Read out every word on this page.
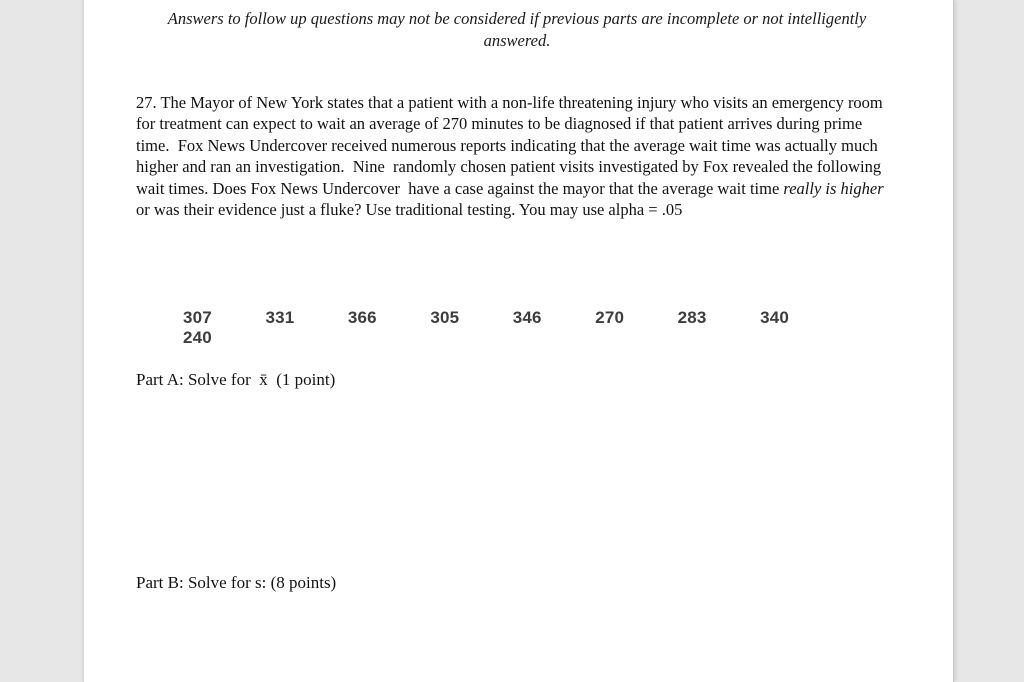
Answers to follow up questions may not be considered if previous parts are incomplete or not intelligently answered.
27. The Mayor of New York states that a patient with a non-life threatening injury who visits an emergency room for treatment can expect to wait an average of 270 minutes to be diagnosed if that patient arrives during prime time.  Fox News Undercover received numerous reports indicating that the average wait time was actually much higher and ran an investigation.  Nine  randomly chosen patient visits investigated by Fox revealed the following wait times. Does Fox News Undercover  have a case against the mayor that the average wait time really is higher or was their evidence just a fluke? Use traditional testing. You may use alpha = .05
307	331	366	305	346	270	283	340 240
Part A: Solve for  x̄  (1 point)
Part B: Solve for s: (8 points)
